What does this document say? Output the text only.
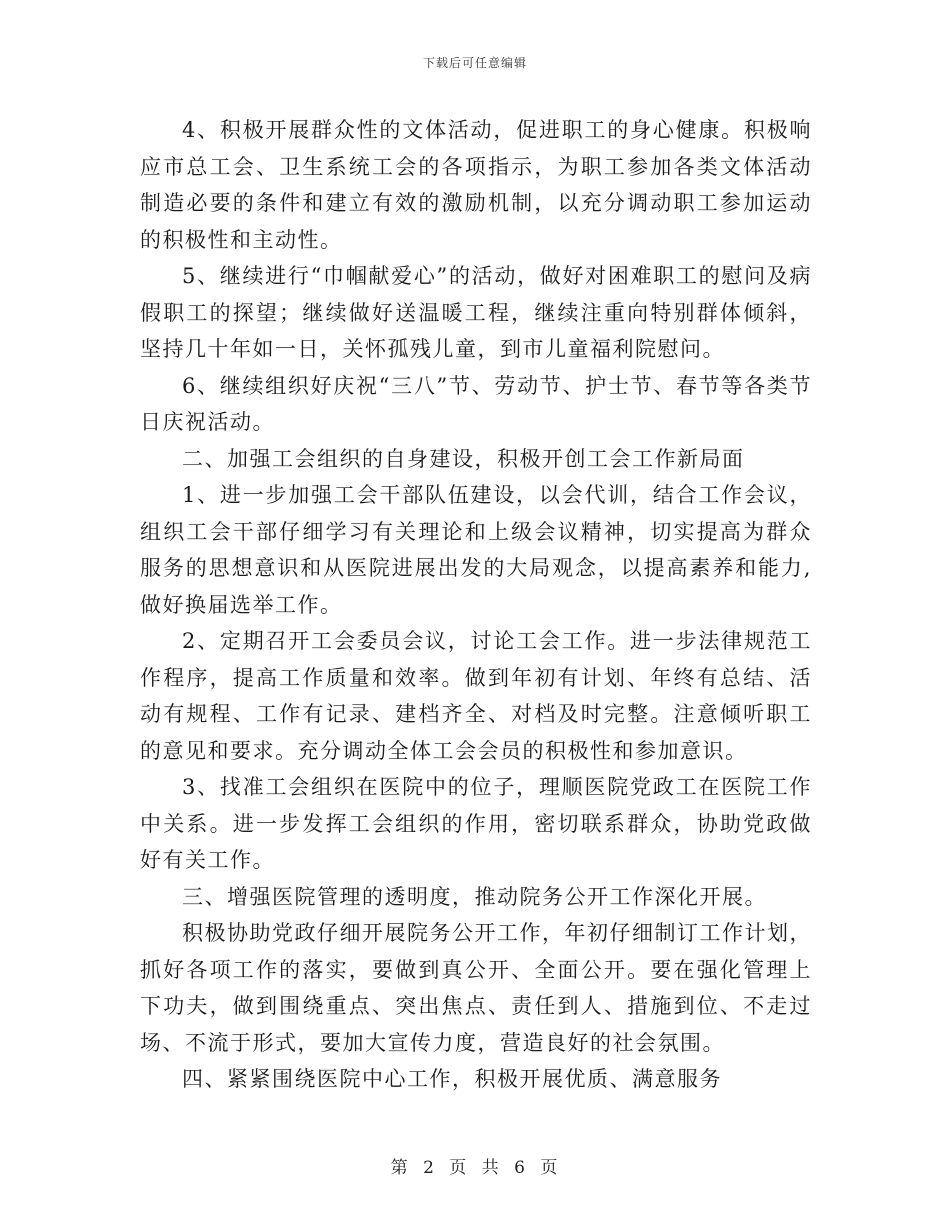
下载后可任意编辑

4、积极开展群众性的文体活动，促进职工的身心健康。积极响应市总工会、卫生系统工会的各项指示，为职工参加各类文体活动制造必要的条件和建立有效的激励机制，以充分调动职工参加运动的积极性和主动性。

5、继续进行“巾帼献爱心”的活动，做好对困难职工的慰问及病假职工的探望；继续做好送温暖工程，继续注重向特别群体倾斜，坚持几十年如一日，关怀孤残儿童，到市儿童福利院慰问。

6、继续组织好庆祝“三八”节、劳动节、护士节、春节等各类节日庆祝活动。

二、加强工会组织的自身建设，积极开创工会工作新局面

1、进一步加强工会干部队伍建设，以会代训，结合工作会议，组织工会干部仔细学习有关理论和上级会议精神，切实提高为群众服务的思想意识和从医院进展出发的大局观念，以提高素养和能力,做好换届选举工作。

2、定期召开工会委员会议，讨论工会工作。进一步法律规范工作程序，提高工作质量和效率。做到年初有计划、年终有总结、活动有规程、工作有记录、建档齐全、对档及时完整。注意倾听职工的意见和要求。充分调动全体工会会员的积极性和参加意识。

3、找准工会组织在医院中的位子，理顺医院党政工在医院工作中关系。进一步发挥工会组织的作用，密切联系群众，协助党政做好有关工作。

三、增强医院管理的透明度，推动院务公开工作深化开展。

积极协助党政仔细开展院务公开工作，年初仔细制订工作计划，抓好各项工作的落实，要做到真公开、全面公开。要在强化管理上下功夫，做到围绕重点、突出焦点、责任到人、措施到位、不走过场、不流于形式，要加大宣传力度，营造良好的社会氛围。

四、紧紧围绕医院中心工作，积极开展优质、满意服务

第 2 页 共 6 页
